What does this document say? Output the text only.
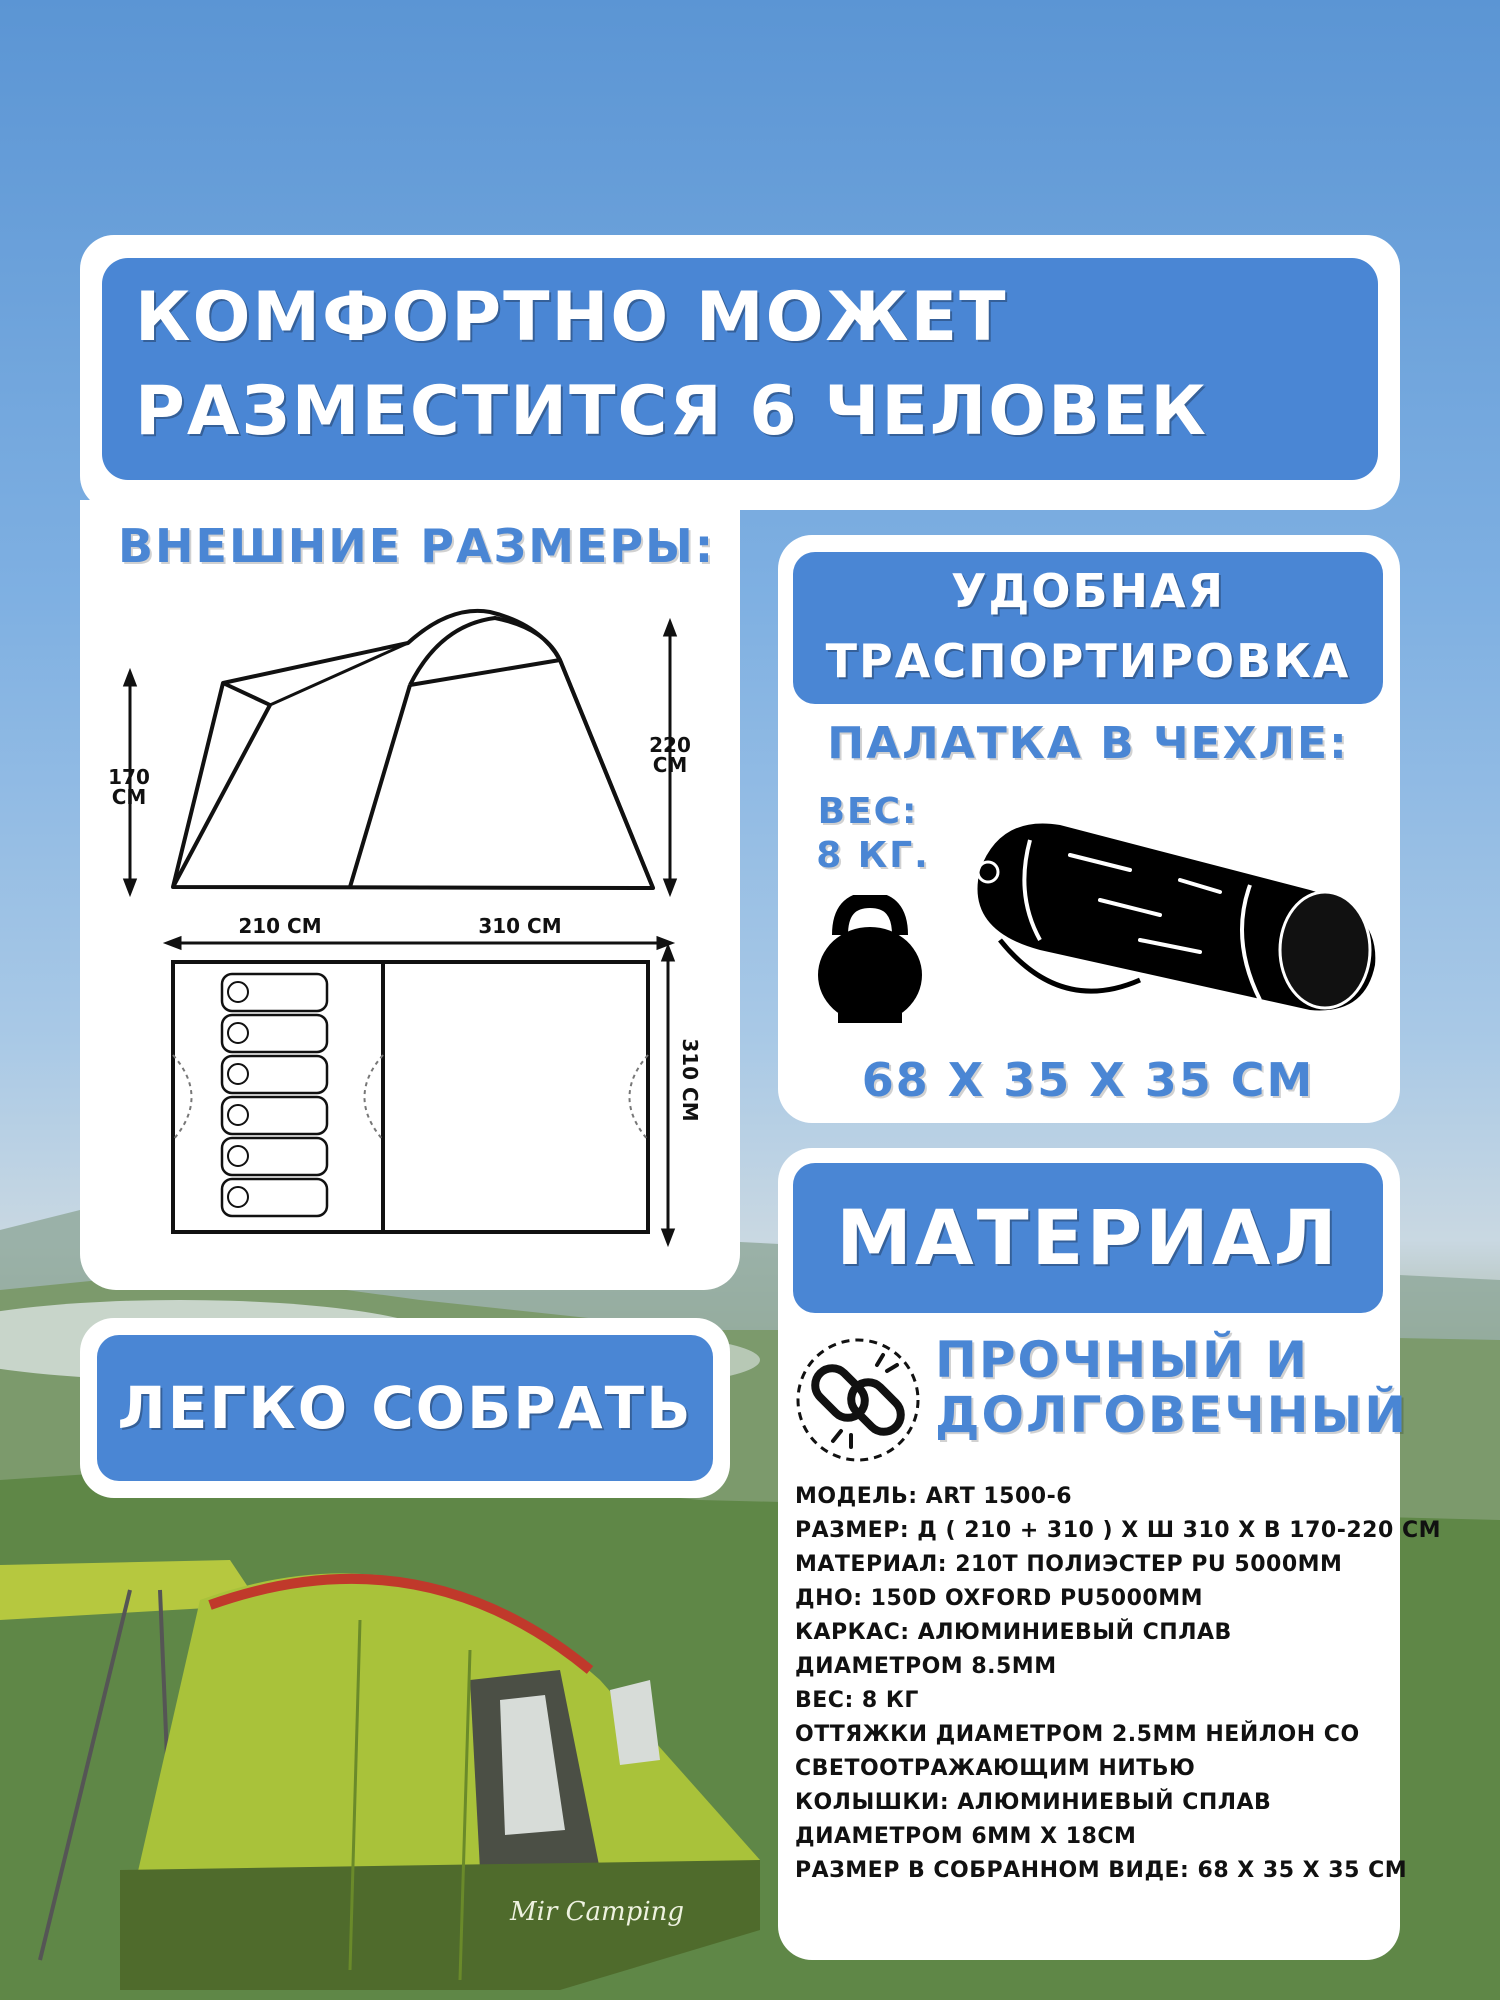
Mir Camping
КОМФОРТНО МОЖЕТ
РАЗМЕСТИТСЯ 6 ЧЕЛОВЕК
ВНЕШНИЕ РАЗМЕРЫ:
170
СМ
220
СМ
210 СМ	310 СМ
310 СМ
ЛЕГКО СОБРАТЬ
УДОБНАЯ
ТРАСПОРТИРОВКА
ПАЛАТКА В ЧЕХЛЕ:
ВЕС:
8 КГ.
68 X 35 X 35 СМ
МАТЕРИАЛ
ПРОЧНЫЙ И
ДОЛГОВЕЧНЫЙ
МОДЕЛЬ: ART 1500-6
РАЗМЕР: Д ( 210 + 310 ) X Ш 310 X В 170-220 СМ
МАТЕРИАЛ: 210T ПОЛИЭСТЕР PU 5000ММ
ДНО: 150D OXFORD PU5000ММ
КАРКАС: АЛЮМИНИЕВЫЙ СПЛАВ
ДИАМЕТРОМ 8.5ММ
ВЕС: 8 КГ
ОТТЯЖКИ ДИАМЕТРОМ 2.5ММ НЕЙЛОН СО
СВЕТООТРАЖАЮЩИМ НИТЬЮ
КОЛЫШКИ: АЛЮМИНИЕВЫЙ СПЛАВ
ДИАМЕТРОМ 6ММ X 18СМ
РАЗМЕР В СОБРАННОМ ВИДЕ: 68 X 35 X 35 СМ
